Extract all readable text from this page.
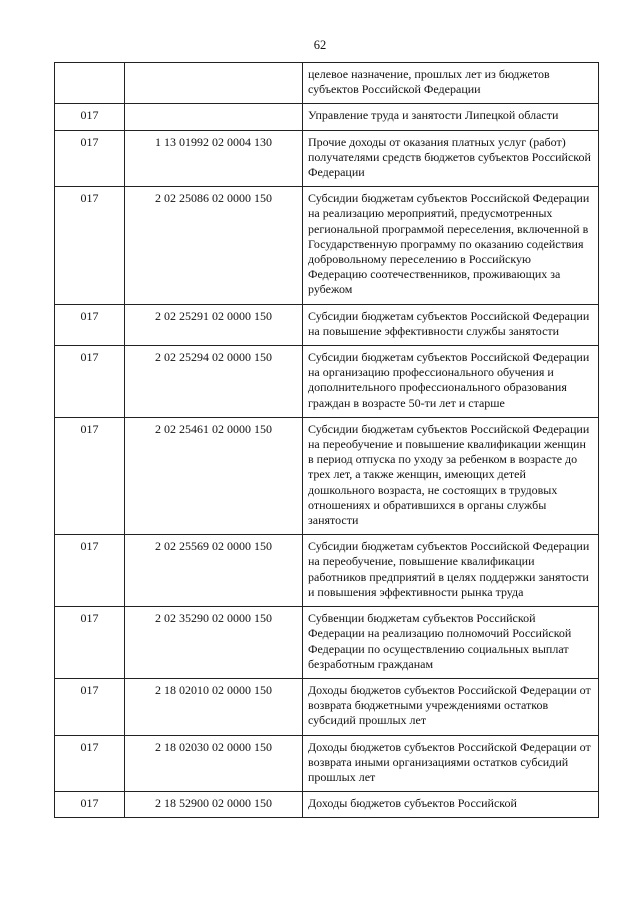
62
		целевое назначение, прошлых лет из бюджетов субъектов Российской Федерации
017		Управление труда и занятости Липецкой области
017	1 13 01992 02 0004 130	Прочие доходы от оказания платных услуг (работ) получателями средств бюджетов субъектов Российской Федерации
017	2 02 25086 02 0000 150	Субсидии бюджетам субъектов Российской Федерации на реализацию мероприятий, предусмотренных региональной программой переселения, включенной в Государственную программу по оказанию содействия добровольному переселению в Российскую Федерацию соотечественников, проживающих за рубежом
017	2 02 25291 02 0000 150	Субсидии бюджетам субъектов Российской Федерации на повышение эффективности службы занятости
017	2 02 25294 02 0000 150	Субсидии бюджетам субъектов Российской Федерации на организацию профессионального обучения и дополнительного профессионального образования граждан в возрасте 50-ти лет и старше
017	2 02 25461 02 0000 150	Субсидии бюджетам субъектов Российской Федерации на переобучение и повышение квалификации женщин в период отпуска по уходу за ребенком в возрасте до трех лет, а также женщин, имеющих детей дошкольного возраста, не состоящих в трудовых отношениях и обратившихся в органы службы занятости
017	2 02 25569 02 0000 150	Субсидии бюджетам субъектов Российской Федерации на переобучение, повышение квалификации работников предприятий в целях поддержки занятости и повышения эффективности рынка труда
017	2 02 35290 02 0000 150	Субвенции бюджетам субъектов Российской Федерации на реализацию полномочий Российской Федерации по осуществлению социальных выплат безработным гражданам
017	2 18 02010 02 0000 150	Доходы бюджетов субъектов Российской Федерации от возврата бюджетными учреждениями остатков субсидий прошлых лет
017	2 18 02030 02 0000 150	Доходы бюджетов субъектов Российской Федерации от возврата иными организациями остатков субсидий прошлых лет
017	2 18 52900 02 0000 150	Доходы бюджетов субъектов Российской
